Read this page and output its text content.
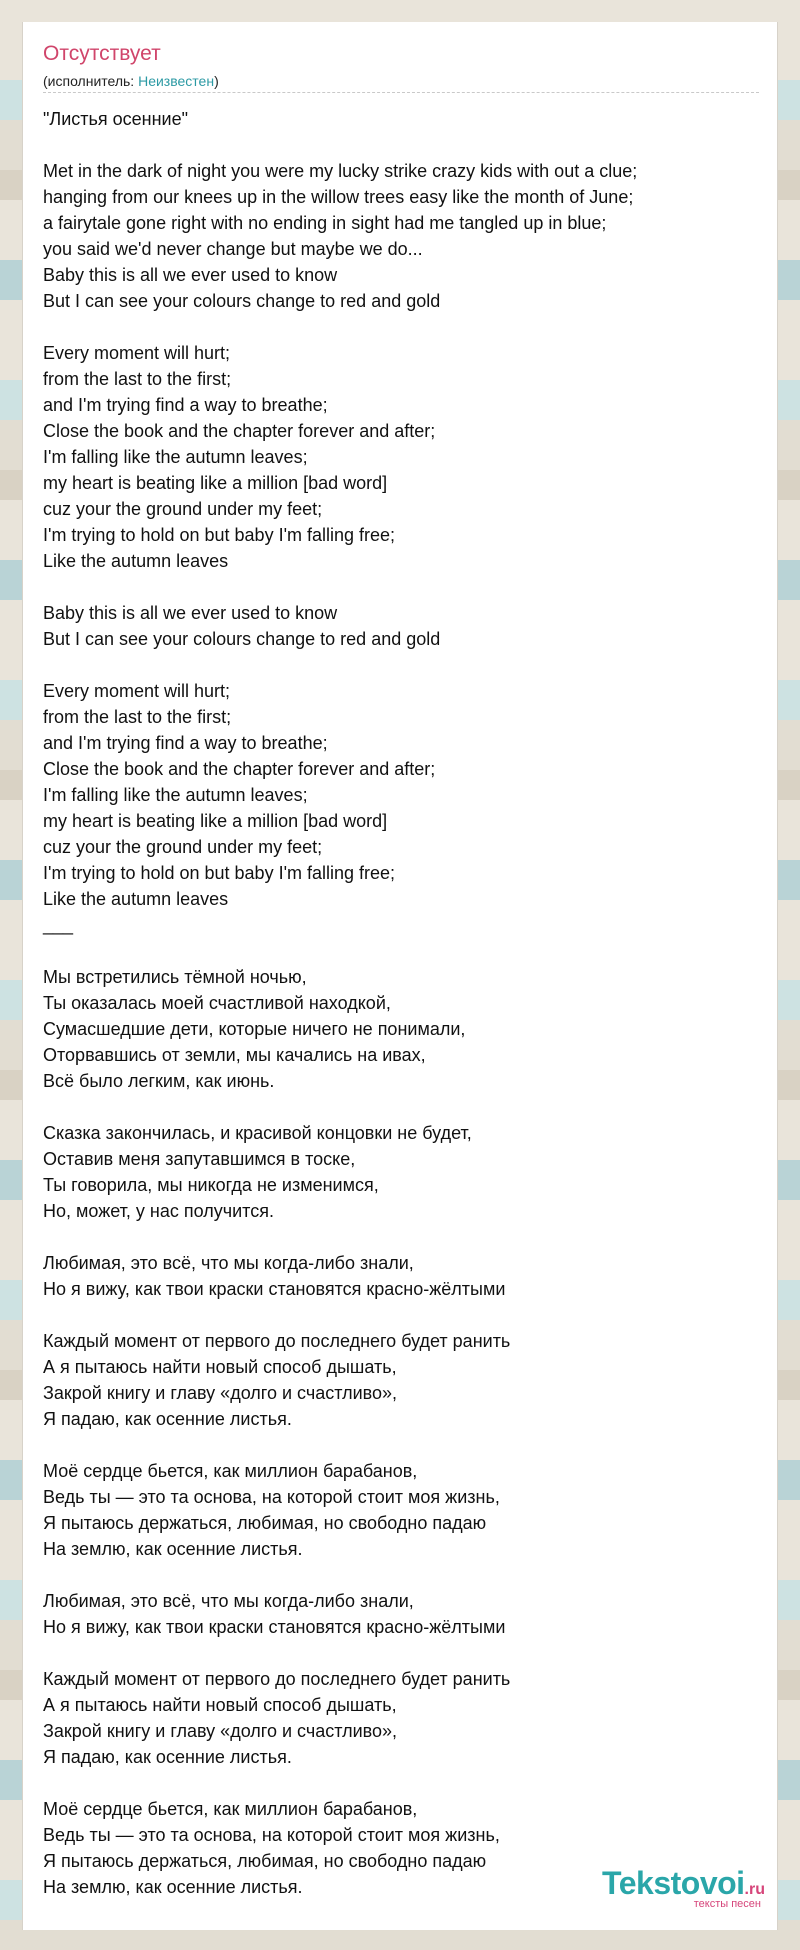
Отсутствует
(исполнитель: Неизвестен)
"Листья осенние"
Met in the dark of night you were my lucky strike crazy kids with out a clue;
hanging from our knees up in the willow trees easy like the month of June;
a fairytale gone right with no ending in sight had me tangled up in blue;
you said we'd never change but maybe we do...
Baby this is all we ever used to know
But I can see your colours change to red and gold
Every moment will hurt;
from the last to the first;
and I'm trying find a way to breathe;
Close the book and the chapter forever and after;
I'm falling like the autumn leaves;
my heart is beating like a million [bad word]
cuz your the ground under my feet;
I'm trying to hold on but baby I'm falling free;
Like the autumn leaves
Baby this is all we ever used to know
But I can see your colours change to red and gold
Every moment will hurt;
from the last to the first;
and I'm trying find a way to breathe;
Close the book and the chapter forever and after;
I'm falling like the autumn leaves;
my heart is beating like a million [bad word]
cuz your the ground under my feet;
I'm trying to hold on but baby I'm falling free;
Like the autumn leaves
___
Мы встретились тёмной ночью,
Ты оказалась моей счастливой находкой,
Сумасшедшие дети, которые ничего не понимали,
Оторвавшись от земли, мы качались на ивах,
Всё было легким, как июнь.
Сказка закончилась, и красивой концовки не будет,
Оставив меня запутавшимся в тоске,
Ты говорила, мы никогда не изменимся,
Но, может, у нас получится.
Любимая, это всё, что мы когда-либо знали,
Но я вижу, как твои краски становятся красно-жёлтыми
Каждый момент от первого до последнего будет ранить
А я пытаюсь найти новый способ дышать,
Закрой книгу и главу «долго и счастливо»,
Я падаю, как осенние листья.
Моё сердце бьется, как миллион барабанов,
Ведь ты — это та основа, на которой стоит моя жизнь,
Я пытаюсь держаться, любимая, но свободно падаю
На землю, как осенние листья.
Любимая, это всё, что мы когда-либо знали,
Но я вижу, как твои краски становятся красно-жёлтыми
Каждый момент от первого до последнего будет ранить
А я пытаюсь найти новый способ дышать,
Закрой книгу и главу «долго и счастливо»,
Я падаю, как осенние листья.
Моё сердце бьется, как миллион барабанов,
Ведь ты — это та основа, на которой стоит моя жизнь,
Я пытаюсь держаться, любимая, но свободно падаю
На землю, как осенние листья.	Tekstovoi.ru
тексты песен
